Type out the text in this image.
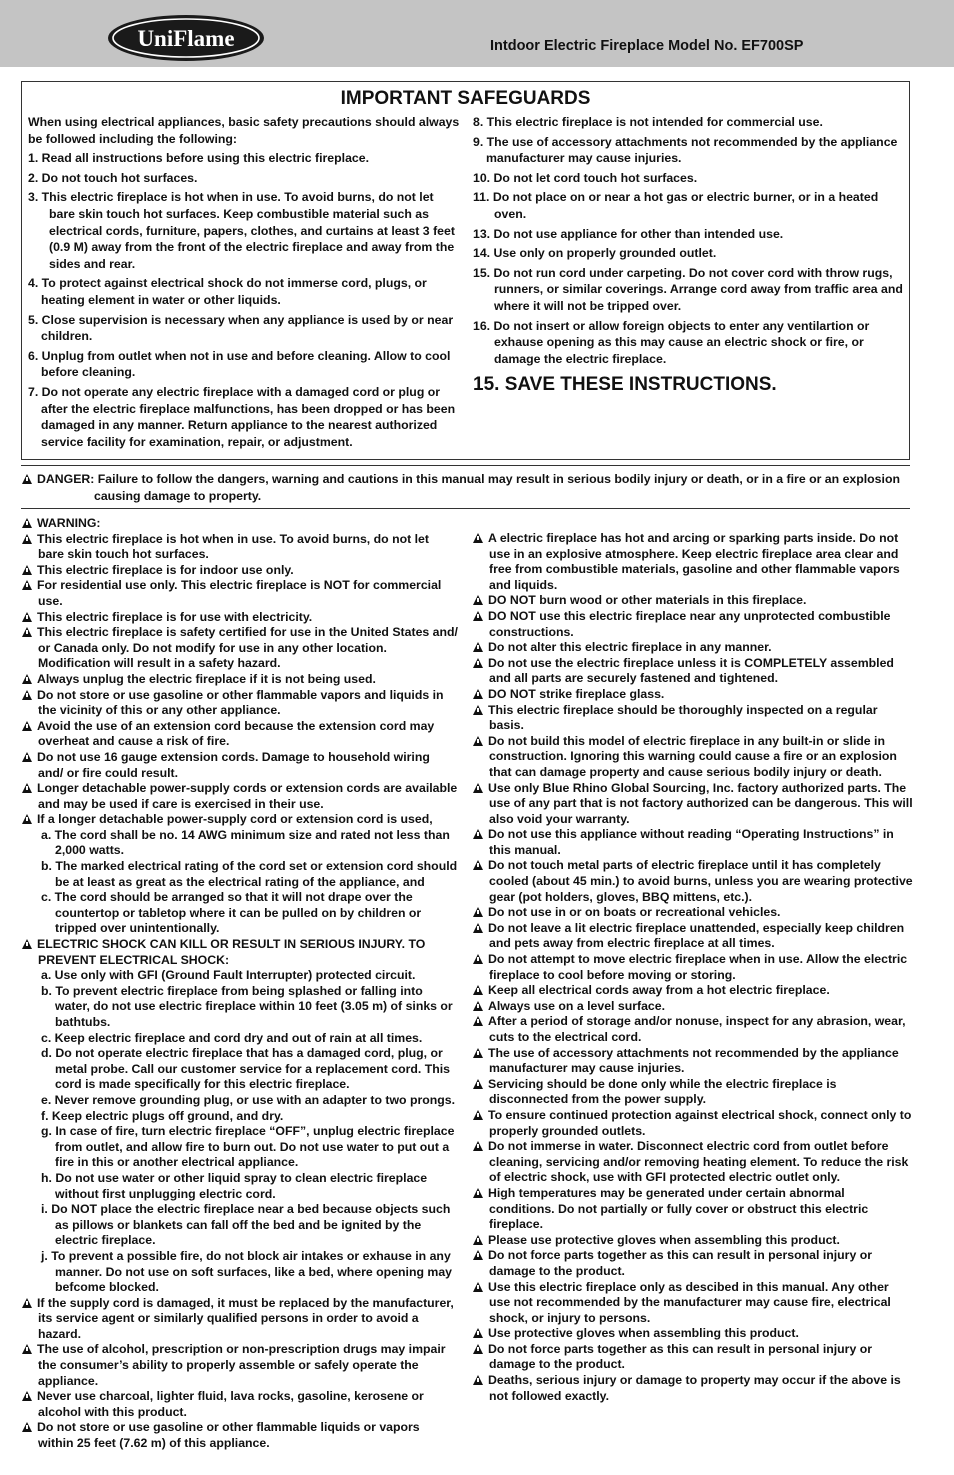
UniFlame	Intdoor Electric Fireplace Model No. EF700SP
IMPORTANT SAFEGUARDS

When using electrical appliances, basic safety precautions should always be followed including the following:

1. Read all instructions before using this electric fireplace.

2. Do not touch hot surfaces.

3. This electric fireplace is hot when in use. To avoid burns, do not let bare skin touch hot surfaces. Keep combustible material such as electrical cords, furniture, papers, clothes, and curtains at least 3 feet (0.9 M) away from the front of the electric fireplace and away from the sides and rear.

4. To protect against electrical shock do not immerse cord, plugs, or heating element in water or other liquids.

5. Close supervision is necessary when any appliance is used by or near children.

6. Unplug from outlet when not in use and before cleaning. Allow to cool before cleaning.

7. Do not operate any electric fireplace with a damaged cord or plug or after the electric fireplace malfunctions, has been dropped or has been damaged in any manner. Return appliance to the nearest authorized service facility for examination, repair, or adjustment.

8. This electric fireplace is not intended for commercial use.

9. The use of accessory attachments not recommended by the appliance manufacturer may cause injuries.

10. Do not let cord touch hot surfaces.

11. Do not place on or near a hot gas or electric burner, or in a heated oven.

13. Do not use appliance for other than intended use.

14. Use only on properly grounded outlet.

15. Do not run cord under carpeting. Do not cover cord with throw rugs, runners, or similar coverings. Arrange cord away from traffic area and where it will not be tripped over.

16. Do not insert or allow foreign objects to enter any ventilartion or exhause opening as this may cause an electric shock or fire, or damage the electric fireplace.

15. SAVE THESE INSTRUCTIONS.

DANGER: Failure to follow the dangers, warning and cautions in this manual may result in serious bodily injury or death, or in a fire or an explosion
causing damage to property.

WARNING:

This electric fireplace is hot when in use. To avoid burns, do not let bare skin touch hot surfaces.

This electric fireplace is for indoor use only.

For residential use only. This electric fireplace is NOT for commercial use.

This electric fireplace is for use with electricity.

This electric fireplace is safety certified for use in the United States and/ or Canada only. Do not modify for use in any other location. Modification will result in a safety hazard.

Always unplug the electric fireplace if it is not being used.

Do not store or use gasoline or other flammable vapors and liquids in the vicinity of this or any other appliance.

Avoid the use of an extension cord because the extension cord may overheat and cause a risk of fire.

Do not use 16 gauge extension cords. Damage to household wiring and/ or fire could result.

Longer detachable power-supply cords or extension cords are available and may be used if care is exercised in their use.

If a longer detachable power-supply cord or extension cord is used,

a. The cord shall be no. 14 AWG minimum size and rated not less than 2,000 watts.

b. The marked electrical rating of the cord set or extension cord should be at least as great as the electrical rating of the appliance, and

c. The cord should be arranged so that it will not drape over the countertop or tabletop where it can be pulled on by children or tripped over unintentionally.

ELECTRIC SHOCK CAN KILL OR RESULT IN SERIOUS INJURY. TO PREVENT ELECTRICAL SHOCK:

a. Use only with GFI (Ground Fault Interrupter) protected circuit.

b. To prevent electric fireplace from being splashed or falling into water, do not use electric fireplace within 10 feet (3.05 m) of sinks or bathtubs.

c. Keep electric fireplace and cord dry and out of rain at all times.

d. Do not operate electric fireplace that has a damaged cord, plug, or metal probe. Call our customer service for a replacement cord. This cord is made specifically for this electric fireplace.

e. Never remove grounding plug, or use with an adapter to two prongs.

f. Keep electric plugs off ground, and dry.

g. In case of fire, turn electric fireplace “OFF”, unplug electric fireplace from outlet, and allow fire to burn out. Do not use water to put out a fire in this or another electrical appliance.

h. Do not use water or other liquid spray to clean electric fireplace without first unplugging electric cord.

i. Do NOT place the electric fireplace near a bed because objects such as pillows or blankets can fall off the bed and be ignited by the electric fireplace.

j. To prevent a possible fire, do not block air intakes or exhause in any manner. Do not use on soft surfaces, like a bed, where opening may befcome blocked.

If the supply cord is damaged, it must be replaced by the manufacturer, its service agent or similarly qualified persons in order to avoid a hazard.

The use of alcohol, prescription or non-prescription drugs may impair the consumer’s ability to properly assemble or safely operate the appliance.

Never use charcoal, lighter fluid, lava rocks, gasoline, kerosene or alcohol with this product.

Do not store or use gasoline or other flammable liquids or vapors within 25 feet (7.62 m) of this appliance.

A electric fireplace has hot and arcing or sparking parts inside. Do not use in an explosive atmosphere. Keep electric fireplace area clear and free from combustible materials, gasoline and other flammable vapors and liquids.

DO NOT burn wood or other materials in this fireplace.

DO NOT use this electric fireplace near any unprotected combustible constructions.

Do not alter this electric fireplace in any manner.

Do not use the electric fireplace unless it is COMPLETELY assembled and all parts are securely fastened and tightened.

DO NOT strike fireplace glass.

This electric fireplace should be thoroughly inspected on a regular basis.

Do not build this model of electric fireplace in any built-in or slide in construction. Ignoring this warning could cause a fire or an explosion that can damage property and cause serious bodily injury or death.

Use only Blue Rhino Global Sourcing, Inc. factory authorized parts. The use of any part that is not factory authorized can be dangerous. This will also void your warranty.

Do not use this appliance without reading “Operating Instructions” in this manual.

Do not touch metal parts of electric fireplace until it has completely cooled (about 45 min.) to avoid burns, unless you are wearing protective gear (pot holders, gloves, BBQ mittens, etc.).

Do not use in or on boats or recreational vehicles.

Do not leave a lit electric fireplace unattended, especially keep children and pets away from electric fireplace at all times.

Do not attempt to move electric fireplace when in use. Allow the electric fireplace to cool before moving or storing.

Keep all electrical cords away from a hot electric fireplace.

Always use on a level surface.

After a period of storage and/or nonuse, inspect for any abrasion, wear, cuts to the electrical cord.

The use of accessory attachments not recommended by the appliance manufacturer may cause injuries.

Servicing should be done only while the electric fireplace is disconnected from the power supply.

To ensure continued protection against electrical shock, connect only to properly grounded outlets.

Do not immerse in water. Disconnect electric cord from outlet before cleaning, servicing and/or removing heating element. To reduce the risk of electric shock, use with GFI protected electric outlet only.

High temperatures may be generated under certain abnormal conditions. Do not partially or fully cover or obstruct this electric fireplace.

Please use protective gloves when assembling this product.

Do not force parts together as this can result in personal injury or damage to the product.

Use this electric fireplace only as descibed in this manual. Any other use not recommended by the manufacturer may cause fire, electrical shock, or injury to persons.

Use protective gloves when assembling this product.

Do not force parts together as this can result in personal injury or damage to the product.

Deaths, serious injury or damage to property may occur if the above is not followed exactly.
